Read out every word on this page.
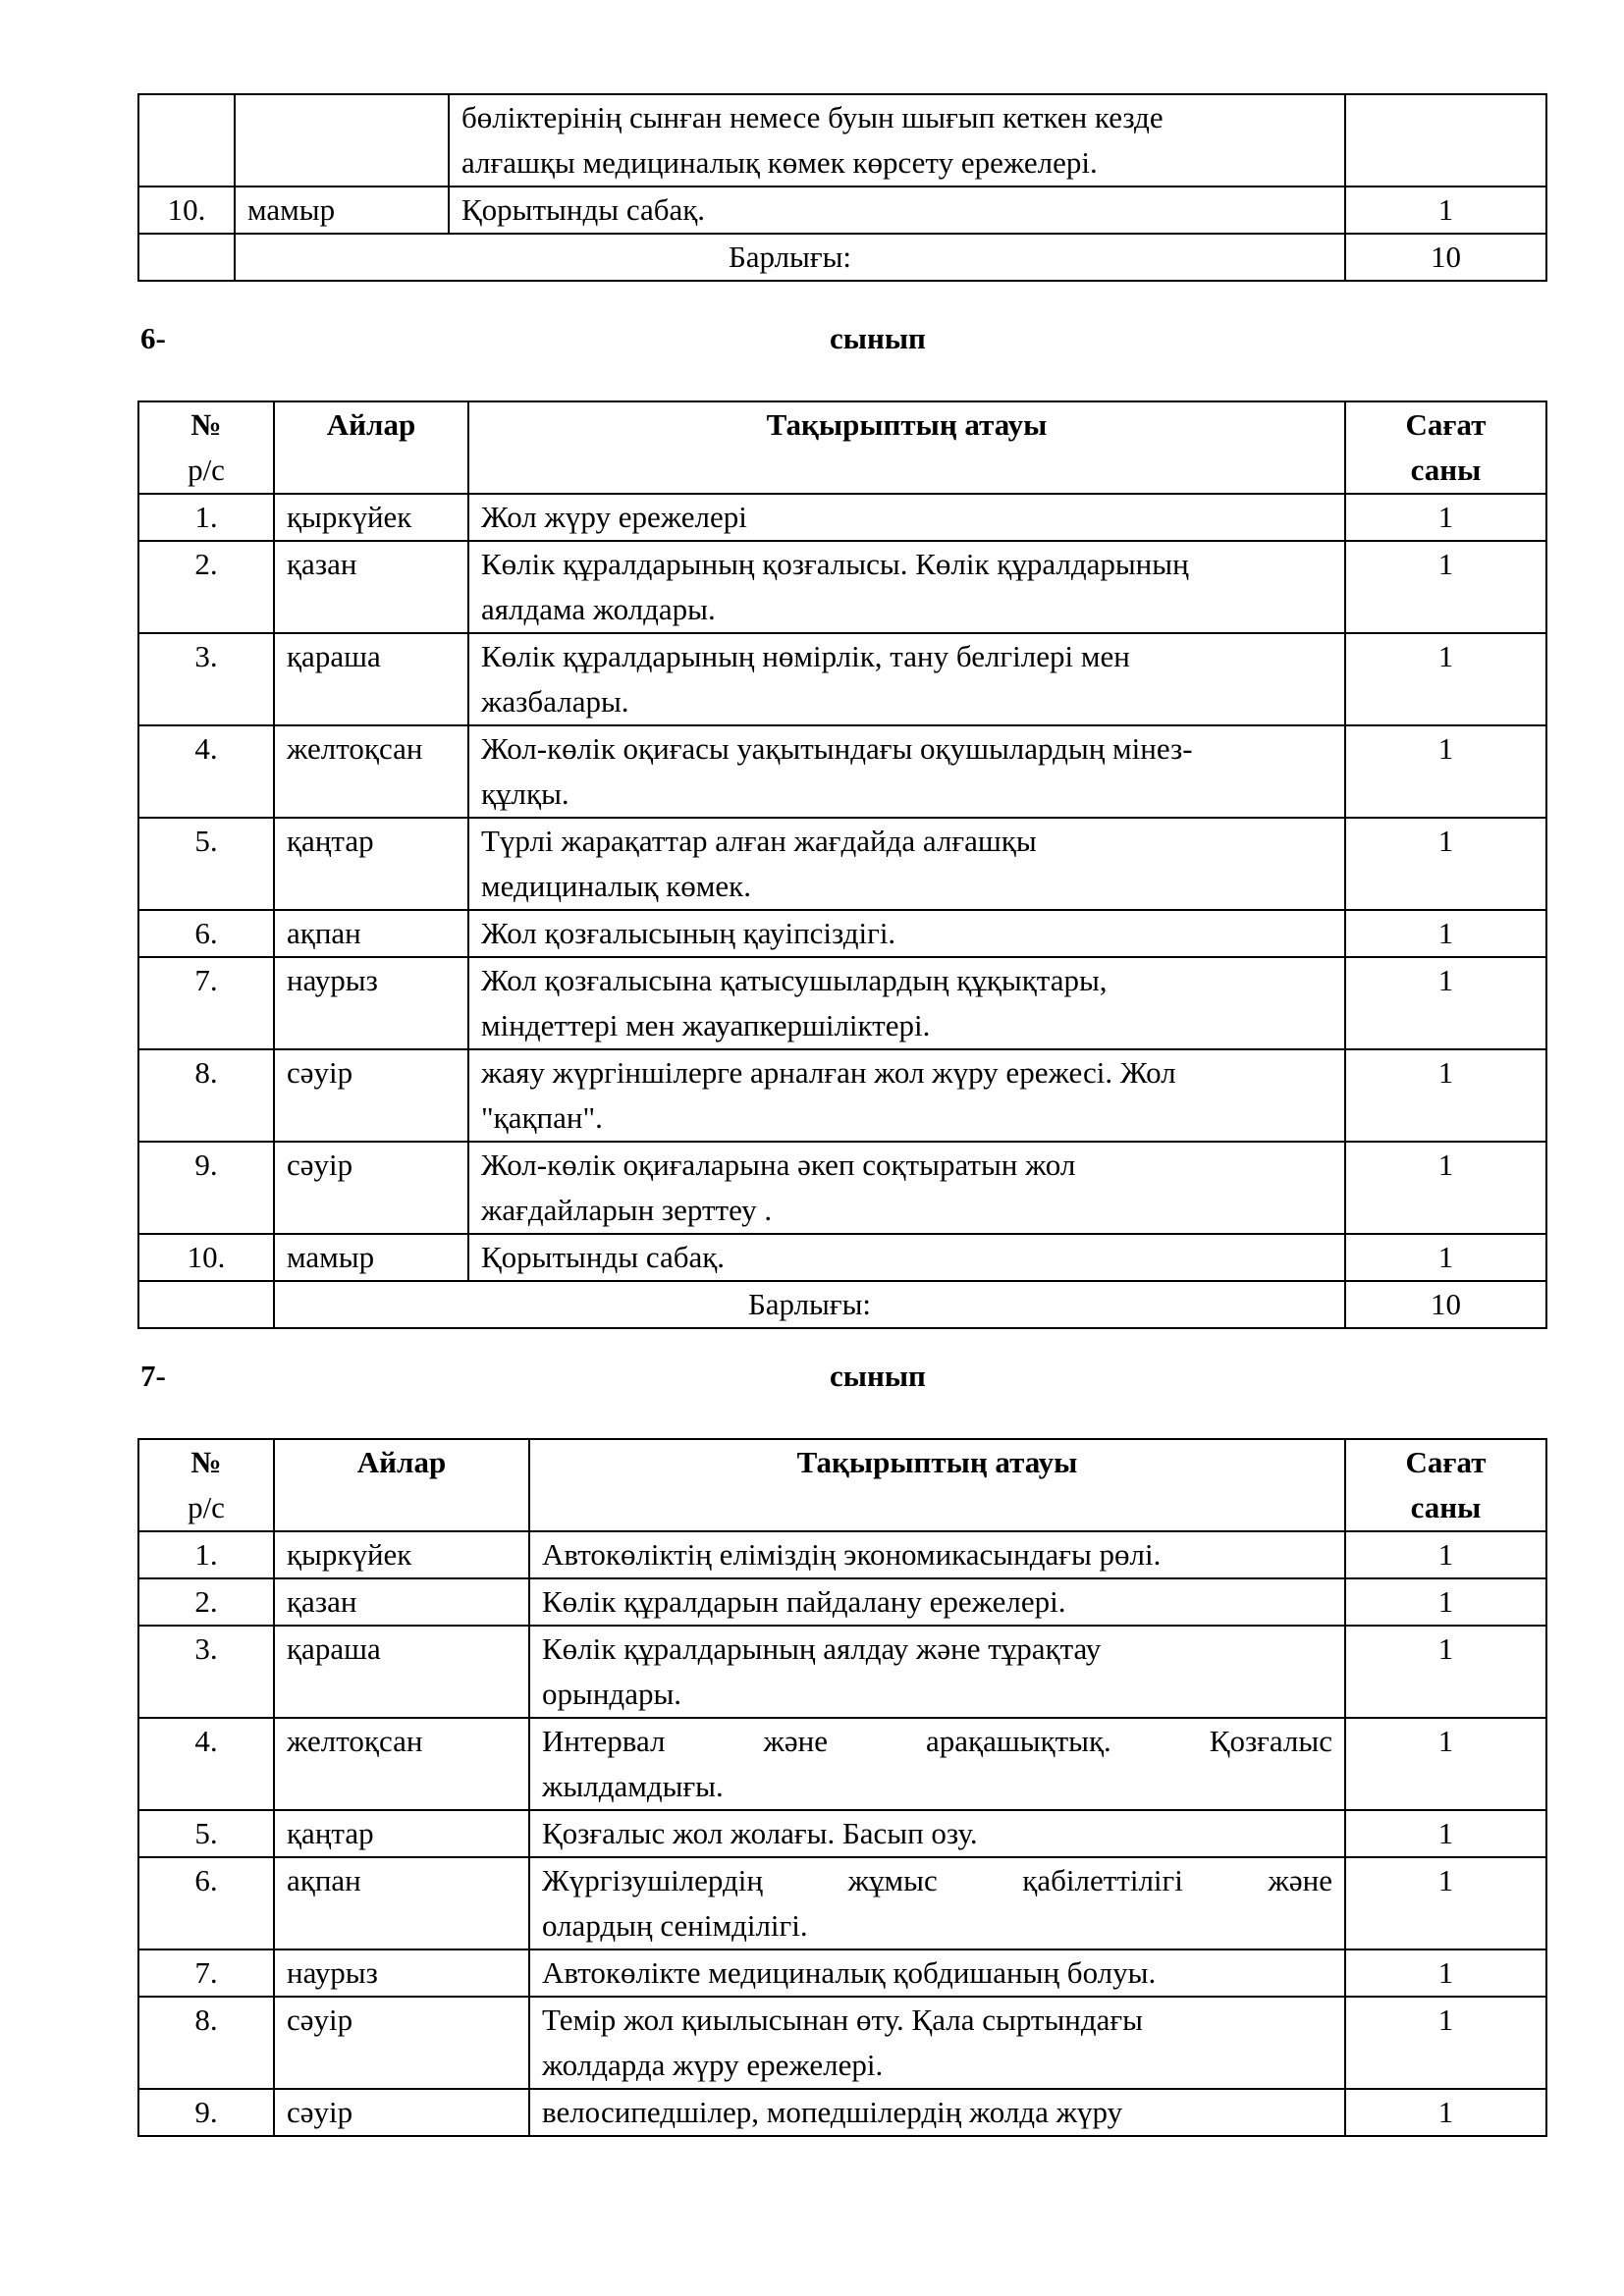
		бөліктерінің сынған немесе буын шығып кеткен кезде
алғашқы медициналық көмек көрсету ережелері.	

10.	мамыр	Қорытынды сабақ.	1
	Барлығы:		10
6-	сынып
№
р/с	Айлар	Тақырыптың атауы	Сағат
саны

1.	қыркүйек	Жол жүру ережелері	1
2.	қазан	Көлік құралдарының қозғалысы. Көлік құралдарының
аялдама жолдары.	1
3.	қараша	Көлік құралдарының нөмірлік, тану белгілері мен
жазбалары.	1
4.	желтоқсан	Жол-көлік оқиғасы уақытындағы оқушылардың мінез-
құлқы.	1
5.	қаңтар	Түрлі жарақаттар алған жағдайда алғашқы
медициналық көмек.	1
6.	ақпан	Жол қозғалысының қауіпсіздігі.	1
7.	наурыз	Жол қозғалысына қатысушылардың құқықтары,
міндеттері мен жауапкершіліктері.	1
8.	сәуір	жаяу жүргіншілерге арналған жол жүру ережесі. Жол
"қақпан".	1
9.	сәуір	Жол-көлік оқиғаларына әкеп соқтыратын жол
жағдайларын зерттеу .	1
10.	мамыр	Қорытынды сабақ.	1
	Барлығы:		10
7-	сынып
№
р/с	Айлар	Тақырыптың атауы	Сағат
саны

1.	қыркүйек	Автокөліктің еліміздің экономикасындағы рөлі.	1
2.	қазан	Көлік құралдарын пайдалану ережелері.	1
3.	қараша	Көлік құралдарының аялдау және тұрақтау
орындары.	1
4.	желтоқсан	Интервал және арақашықтық. Қозғалыс
жылдамдығы.	1
5.	қаңтар	Қозғалыс жол жолағы. Басып озу.	1
6.	ақпан	Жүргізушілердің жұмыс қабілеттілігі және
олардың сенімділігі.	1
7.	наурыз	Автокөлікте медициналық қобдишаның болуы.	1
8.	сәуір	Темір жол қиылысынан өту. Қала сыртындағы
жолдарда жүру ережелері.	1
9.	сәуір	велосипедшілер, мопедшілердің жолда жүру	1
